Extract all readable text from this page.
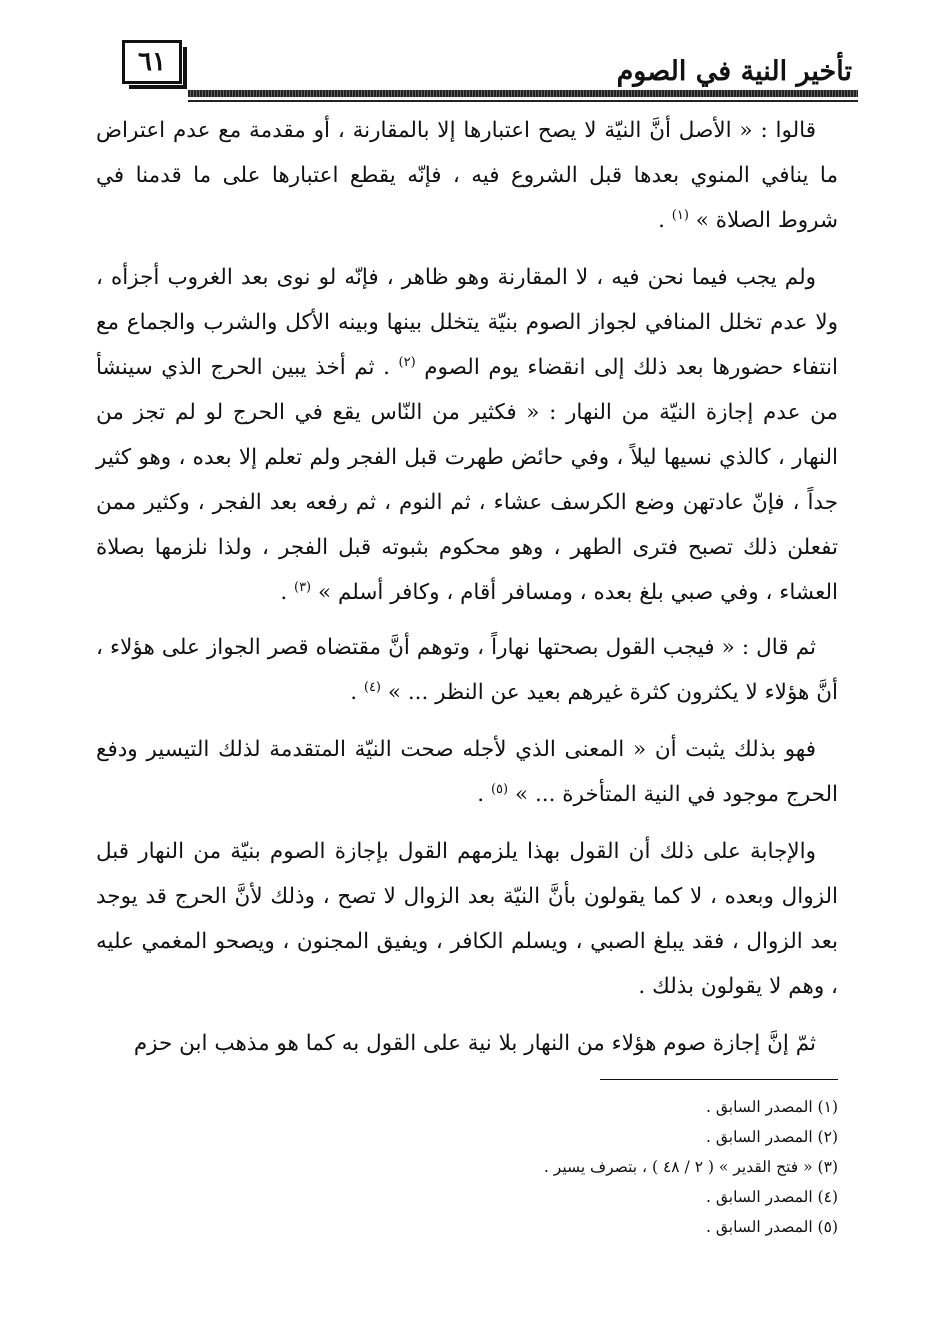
٦١	تأخير النية في الصوم

قالوا : « الأصل أنَّ النيّة لا يصح اعتبارها إلا بالمقارنة ، أو مقدمة مع عدم اعتراض ما ينافي المنوي بعدها قبل الشروع فيه ، فإنّه يقطع اعتبارها على ما قدمنا في شروط الصلاة » $^{(١)}$ .

ولم يجب فيما نحن فيه ، لا المقارنة وهو ظاهر ، فإنّه لو نوى بعد الغروب أجزأه ، ولا عدم تخلل المنافي لجواز الصوم بنيّة يتخلل بينها وبينه الأكل والشرب والجماع مع انتفاء حضورها بعد ذلك إلى انقضاء يوم الصوم $^{(٢)}$ . ثم أخذ يبين الحرج الذي سينشأ من عدم إجازة النيّة من النهار : « فكثير من النّاس يقع في الحرج لو لم تجز من النهار ، كالذي نسيها ليلاً ، وفي حائض طهرت قبل الفجر ولم تعلم إلا بعده ، وهو كثير جداً ، فإنّ عادتهن وضع الكرسف عشاء ، ثم النوم ، ثم رفعه بعد الفجر ، وكثير ممن تفعلن ذلك تصبح فترى الطهر ، وهو محكوم بثبوته قبل الفجر ، ولذا نلزمها بصلاة العشاء ، وفي صبي بلغ بعده ، ومسافر أقام ، وكافر أسلم » $^{(٣)}$ .

ثم قال : « فيجب القول بصحتها نهاراً ، وتوهم أنَّ مقتضاه قصر الجواز على هؤلاء ، أنَّ هؤلاء لا يكثرون كثرة غيرهم بعيد عن النظر ... » $^{(٤)}$ .

فهو بذلك يثبت أن « المعنى الذي لأجله صحت النيّة المتقدمة لذلك التيسير ودفع الحرج موجود في النية المتأخرة ... » $^{(٥)}$ .

والإجابة على ذلك أن القول بهذا يلزمهم القول بإجازة الصوم بنيّة من النهار قبل الزوال وبعده ، لا كما يقولون بأنَّ النيّة بعد الزوال لا تصح ، وذلك لأنَّ الحرج قد يوجد بعد الزوال ، فقد يبلغ الصبي ، ويسلم الكافر ، ويفيق المجنون ، ويصحو المغمي عليه ، وهم لا يقولون بذلك .

ثمّ إنَّ إجازة صوم هؤلاء من النهار بلا نية على القول به كما هو مذهب ابن حزم

(١) المصدر السابق .

(٢) المصدر السابق .

(٣) « فتح القدير » ( ٢ / ٤٨ ) ، بتصرف يسير .

(٤) المصدر السابق .

(٥) المصدر السابق .
